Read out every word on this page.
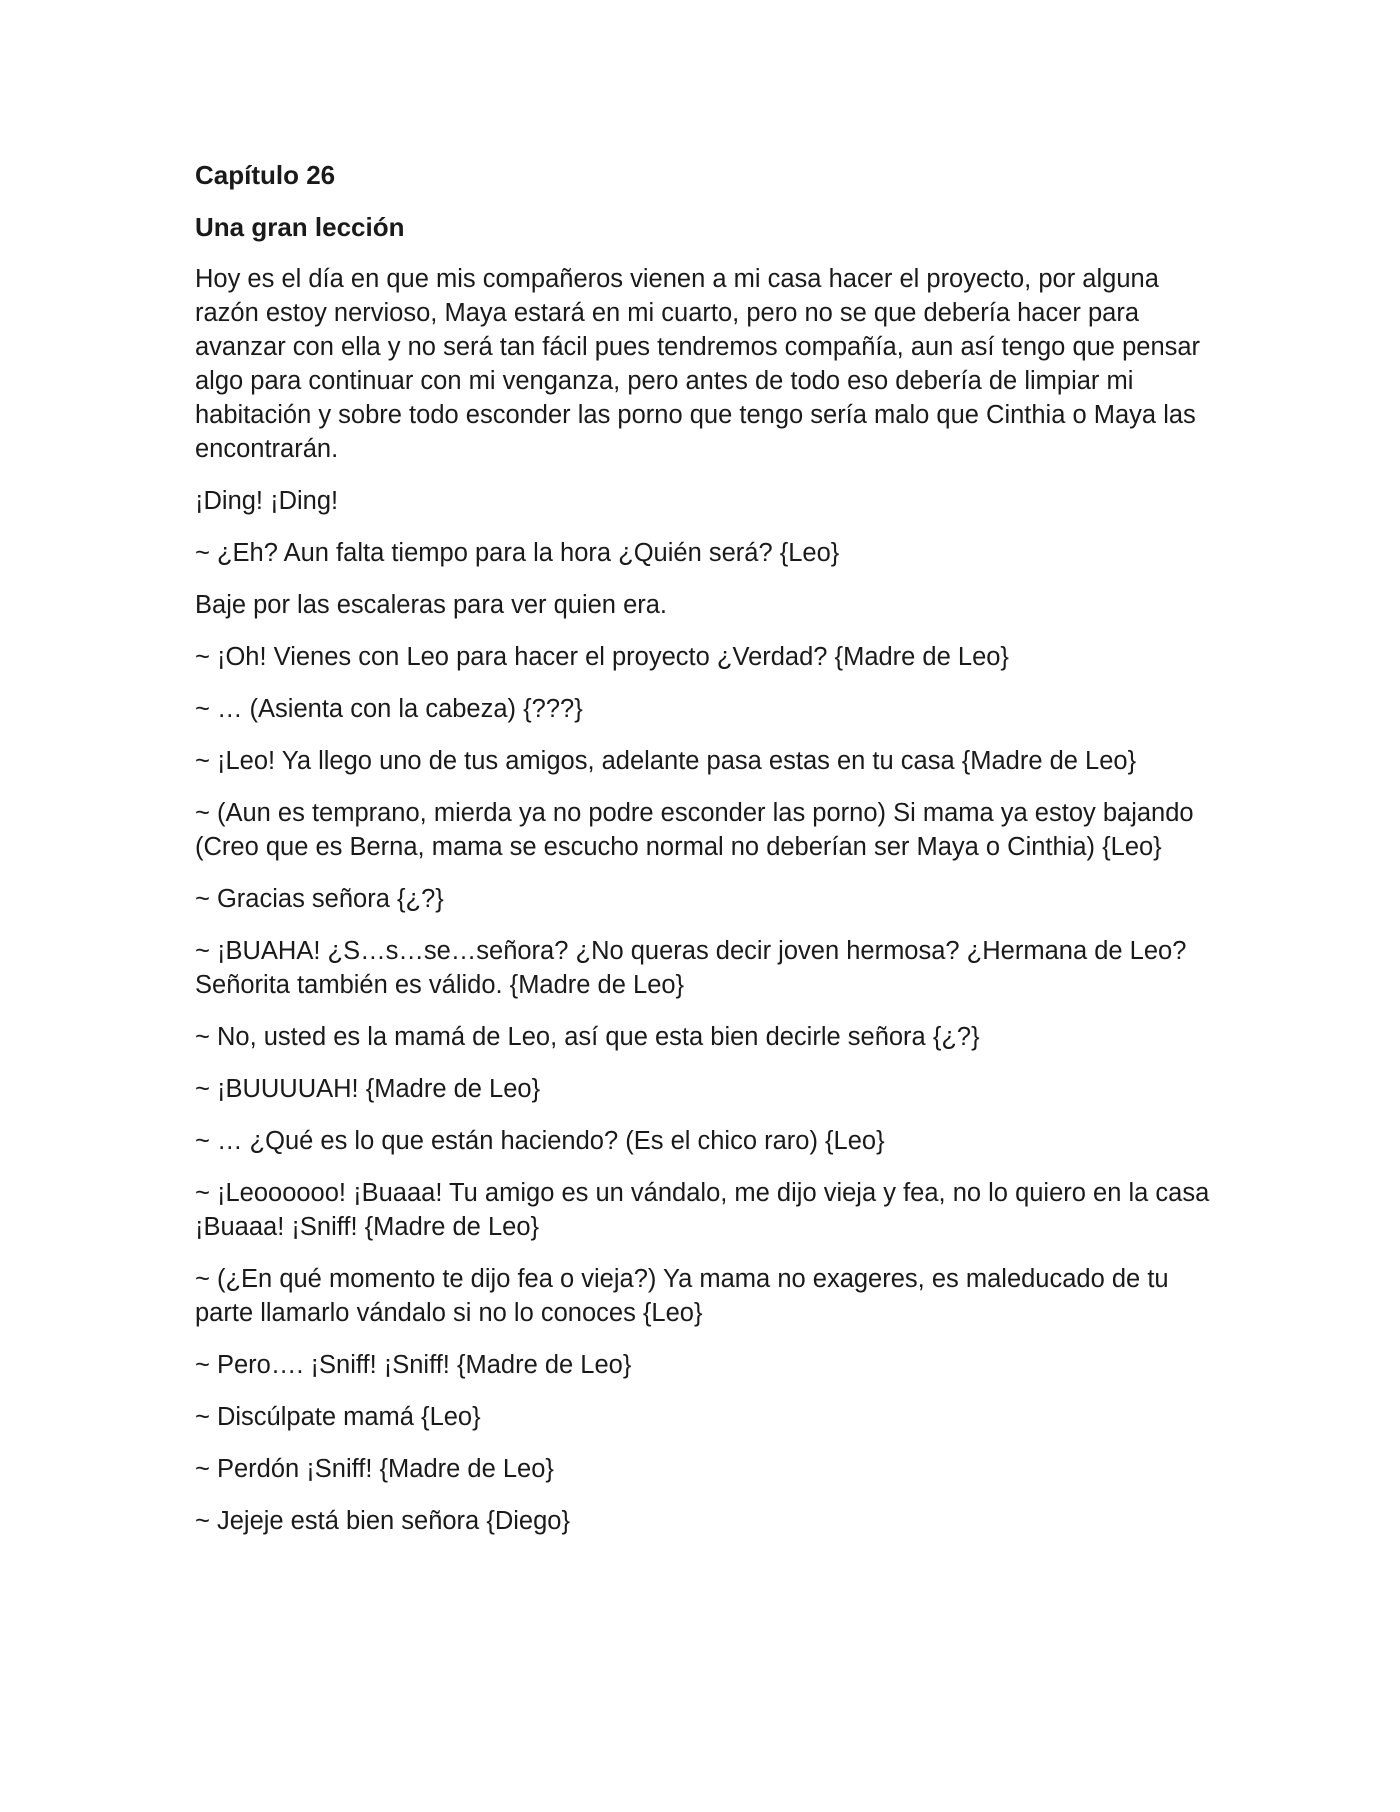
Capítulo 26
Una gran lección
Hoy es el día en que mis compañeros vienen a mi casa hacer el proyecto, por alguna razón estoy nervioso, Maya estará en mi cuarto, pero no se que debería hacer para avanzar con ella y no será tan fácil pues tendremos compañía, aun así tengo que pensar algo para continuar con mi venganza, pero antes de todo eso debería de limpiar mi habitación y sobre todo esconder las porno que tengo sería malo que Cinthia o Maya las encontrarán.
¡Ding! ¡Ding!
~ ¿Eh? Aun falta tiempo para la hora ¿Quién será? {Leo}
Baje por las escaleras para ver quien era.
~ ¡Oh! Vienes con Leo para hacer el proyecto ¿Verdad? {Madre de Leo}
~ … (Asienta con la cabeza) {???}
~ ¡Leo! Ya llego uno de tus amigos, adelante pasa estas en tu casa {Madre de Leo}
~ (Aun es temprano, mierda ya no podre esconder las porno) Si mama ya estoy bajando (Creo que es Berna, mama se escucho normal no deberían ser Maya o Cinthia) {Leo}
~ Gracias señora {¿?}
~ ¡BUAHA! ¿S…s…se…señora? ¿No queras decir joven hermosa? ¿Hermana de Leo? Señorita también es válido. {Madre de Leo}
~ No, usted es la mamá de Leo, así que esta bien decirle señora {¿?}
~ ¡BUUUUAH! {Madre de Leo}
~ … ¿Qué es lo que están haciendo? (Es el chico raro) {Leo}
~ ¡Leoooooo! ¡Buaaa! Tu amigo es un vándalo, me dijo vieja y fea, no lo quiero en la casa ¡Buaaa! ¡Sniff! {Madre de Leo}
~ (¿En qué momento te dijo fea o vieja?) Ya mama no exageres, es maleducado de tu parte llamarlo vándalo si no lo conoces {Leo}
~ Pero…. ¡Sniff! ¡Sniff! {Madre de Leo}
~ Discúlpate mamá {Leo}
~ Perdón ¡Sniff! {Madre de Leo}
~ Jejeje está bien señora {Diego}
